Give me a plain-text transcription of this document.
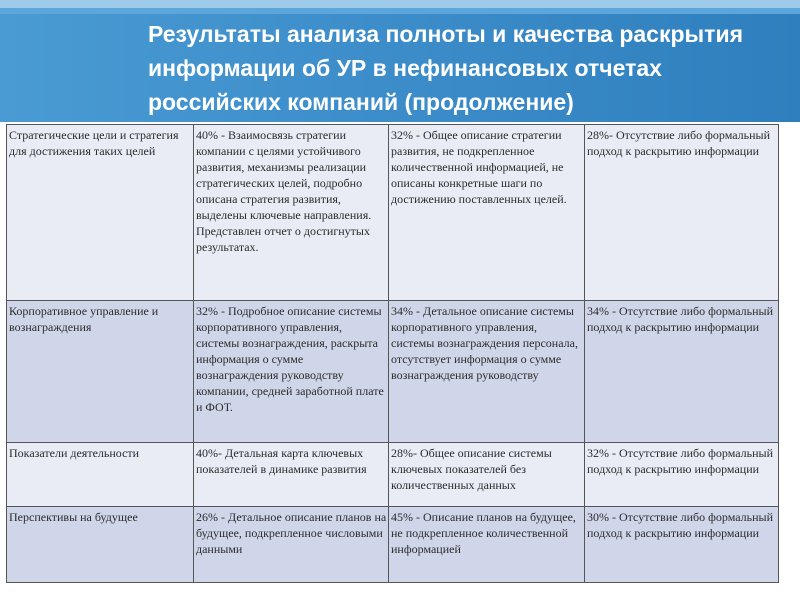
Результаты анализа полноты и качества раскрытия информации об УР в нефинансовых отчетах российских компаний (продолжение)
Стратегические цели и стратегия для достижения таких целей	40% - Взаимосвязь стратегии компании с целями устойчивого развития, механизмы реализации стратегических целей, подробно описана стратегия развития, выделены ключевые направления. Представлен отчет о достигнутых результатах.	32% - Общее описание стратегии развития, не подкрепленное количественной информацией, не описаны конкретные шаги по достижению поставленных целей.	28%- Отсутствие либо формальный подход к раскрытию информации
Корпоративное управление и вознаграждения	32% - Подробное описание системы корпоративного управления, системы вознаграждения, раскрыта информация о сумме вознаграждения руководству компании, средней заработной плате и ФОТ.	34% - Детальное описание системы корпоративного управления, системы вознаграждения персонала, отсутствует информация о сумме вознаграждения руководству	34% - Отсутствие либо формальный подход к раскрытию информации
Показатели деятельности	40%- Детальная карта ключевых показателей в динамике развития	28%- Общее описание системы ключевых показателей без количественных данных	32% - Отсутствие либо формальный подход к раскрытию информации
Перспективы на будущее	26% - Детальное описание планов на будущее, подкрепленное числовыми данными	45% - Описание планов на будущее, не подкрепленное количественной информацией	30% - Отсутствие либо формальный подход к раскрытию информации
